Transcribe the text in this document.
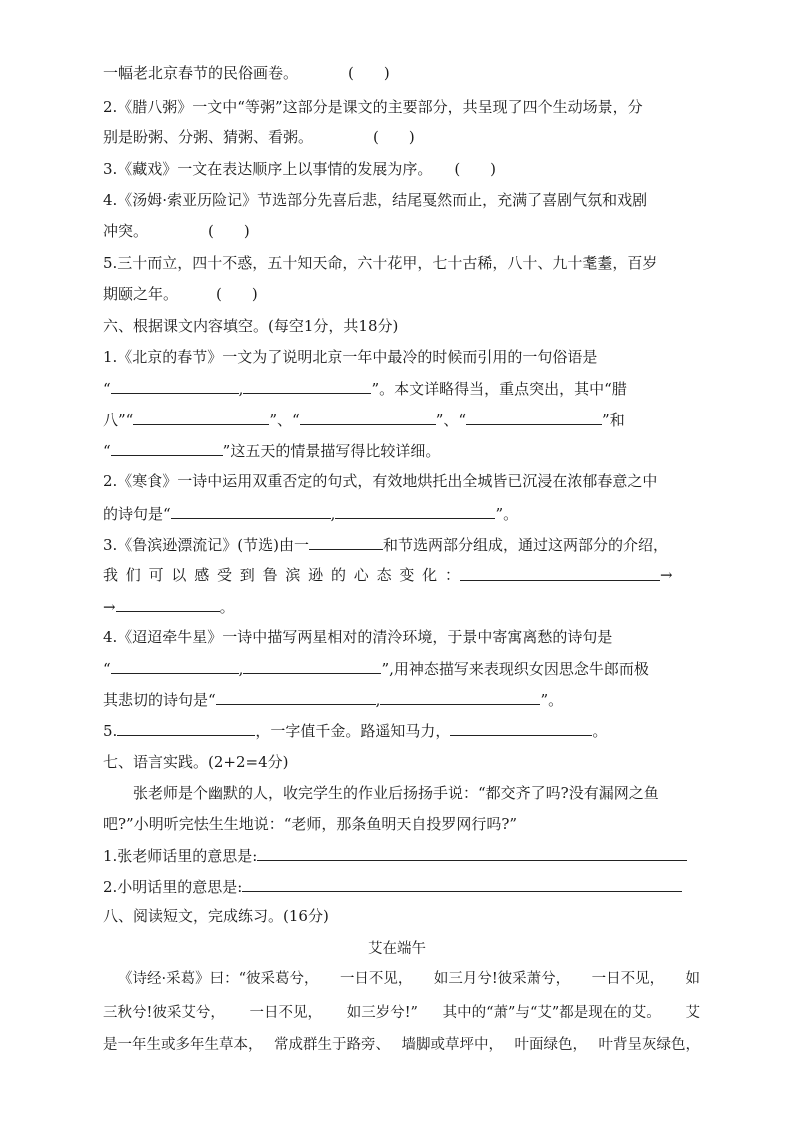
一幅老北京春节的民俗画卷。	(　　)
2.《腊八粥》一文中“等粥”这部分是课文的主要部分，共呈现了四个生动场景，分
别是盼粥、分粥、猜粥、看粥。	(　　)
3.《藏戏》一文在表达顺序上以事情的发展为序。 (　　)
4.《汤姆·索亚历险记》节选部分先喜后悲，结尾戛然而止，充满了喜剧气氛和戏剧
冲突。	(　　)
5.三十而立，四十不惑，五十知天命，六十花甲，七十古稀，八十、九十耄耋，百岁
期颐之年。	(　　)
六、根据课文内容填空。(每空1分，共18分)
1.《北京的春节》一文为了说明北京一年中最冷的时候而引用的一句俗语是
“	,	”。本文详略得当，重点突出，其中“腊
八”“	”、“	”、“	”和
“	”这五天的情景描写得比较详细。
2.《寒食》一诗中运用双重否定的句式，有效地烘托出全城皆已沉浸在浓郁春意之中
的诗句是“	,	”。
3.《鲁滨逊漂流记》(节选)由一	和节选两部分组成，通过这两部分的介绍，
我 们 可 以 感 受 到 鲁 滨 逊 的 心 态 变 化 ：	→
→	。
4.《迢迢牵牛星》一诗中描写两星相对的清泠环境，于景中寄寓离愁的诗句是
“	,	”,用神态描写来表现织女因思念牛郎而极
其悲切的诗句是“	,	”。
5.	，一字值千金。路遥知马力，	。
七、语言实践。(2+2=4分)
张老师是个幽默的人，收完学生的作业后扬扬手说：“都交齐了吗?没有漏网之鱼
吧?”小明听完怯生生地说：“老师，那条鱼明天自投罗网行吗?”
1.张老师话里的意思是:
2.小明话里的意思是:
八、阅读短文，完成练习。(16分)
艾在端午
《诗经·采葛》曰：“彼采葛兮， 一日不见， 如三月兮!彼采萧兮， 一日不见， 如
三秋兮!彼采艾兮， 一日不见， 如三岁兮!” 其中的“萧”与“艾”都是现在的艾。 艾
是一年生或多年生草本， 常成群生于路旁、 墙脚或草坪中， 叶面绿色， 叶背呈灰绿色，
